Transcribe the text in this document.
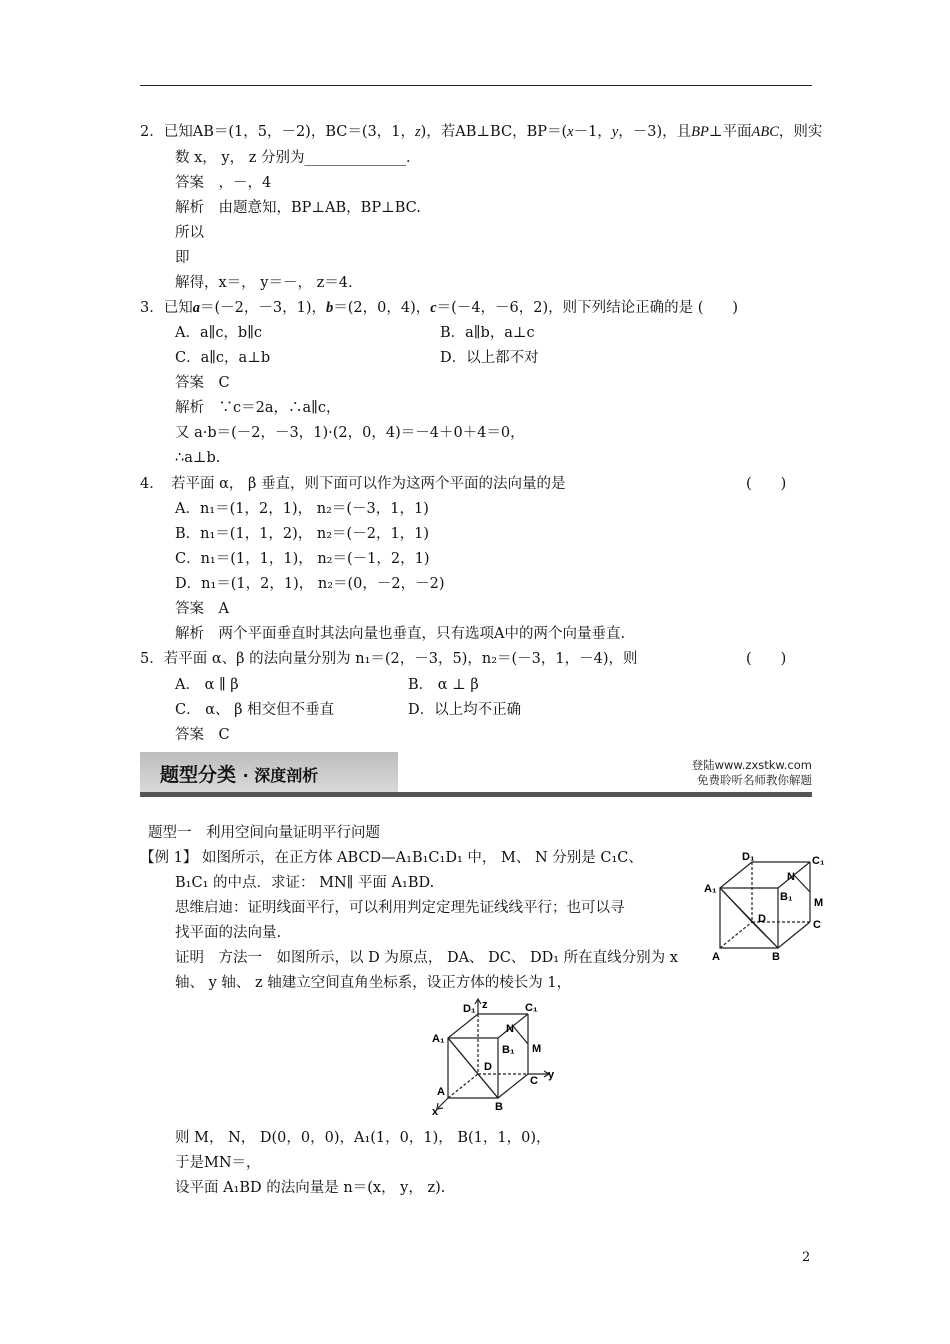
2．已知AB＝(1，5，－2)，BC＝(3，1，z)，若AB⊥BC，BP＝(x－1，y，－3)，且BP⊥平面ABC，则实
数 x， y， z 分别为______________．
答案　，－，4
解析　由题意知，BP⊥AB，BP⊥BC.
所以
即
解得，x＝， y＝－， z＝4.
3．已知a＝(－2，－3，1)，b＝(2，0，4)，c＝(－4，－6，2)，则下列结论正确的是 (　　)
A．a∥c，b∥c	B．a∥b，a⊥c
C．a∥c，a⊥b	D．以上都不对
答案　C
解析　∵c＝2a，∴a∥c，
又 a·b＝(－2，－3，1)·(2，0，4)＝－4＋0＋4＝0，
∴a⊥b.
4．　若平面 α， β 垂直，则下面可以作为这两个平面的法向量的是	(　　)
A．n₁＝(1，2，1)， n₂＝(－3，1，1)
B．n₁＝(1，1，2)， n₂＝(－2，1，1)
C．n₁＝(1，1，1)， n₂＝(－1，2，1)
D．n₁＝(1，2，1)， n₂＝(0，－2，－2)
答案　A
解析　两个平面垂直时其法向量也垂直，只有选项A中的两个向量垂直.
5．若平面 α、β 的法向量分别为 n₁＝(2，－3，5)，n₂＝(－3，1，－4)，则	(　　)
A． α ∥ β	B． α ⊥ β
C． α、 β 相交但不垂直	D．以上均不正确
答案　C
题型分类 · 深度剖析
登陆www.zxstkw.com
免费聆听名师教你解题
题型一　利用空间向量证明平行问题
【例 1】 如图所示，在正方体 ABCD—A₁B₁C₁D₁ 中， M、 N 分别是 C₁C、
B₁C₁ 的中点．求证： MN∥ 平面 A₁BD.
思维启迪：证明线面平行，可以利用判定定理先证线线平行；也可以寻
找平面的法向量.
证明　方法一　如图所示，以 D 为原点， DA、 DC、 DD₁ 所在直线分别为 x
轴、 y 轴、 z 轴建立空间直角坐标系，设正方体的棱长为 1，
D₁	C₁
A₁
B₁
N
M
D	C
A	B
z
D₁	C₁
A₁
N
B₁ M
D
C y
A
B
x
则 M， N， D(0，0，0)，A₁(1，0，1)， B(1，1，0)，
于是MN＝，
设平面 A₁BD 的法向量是 n＝(x， y， z).
2
